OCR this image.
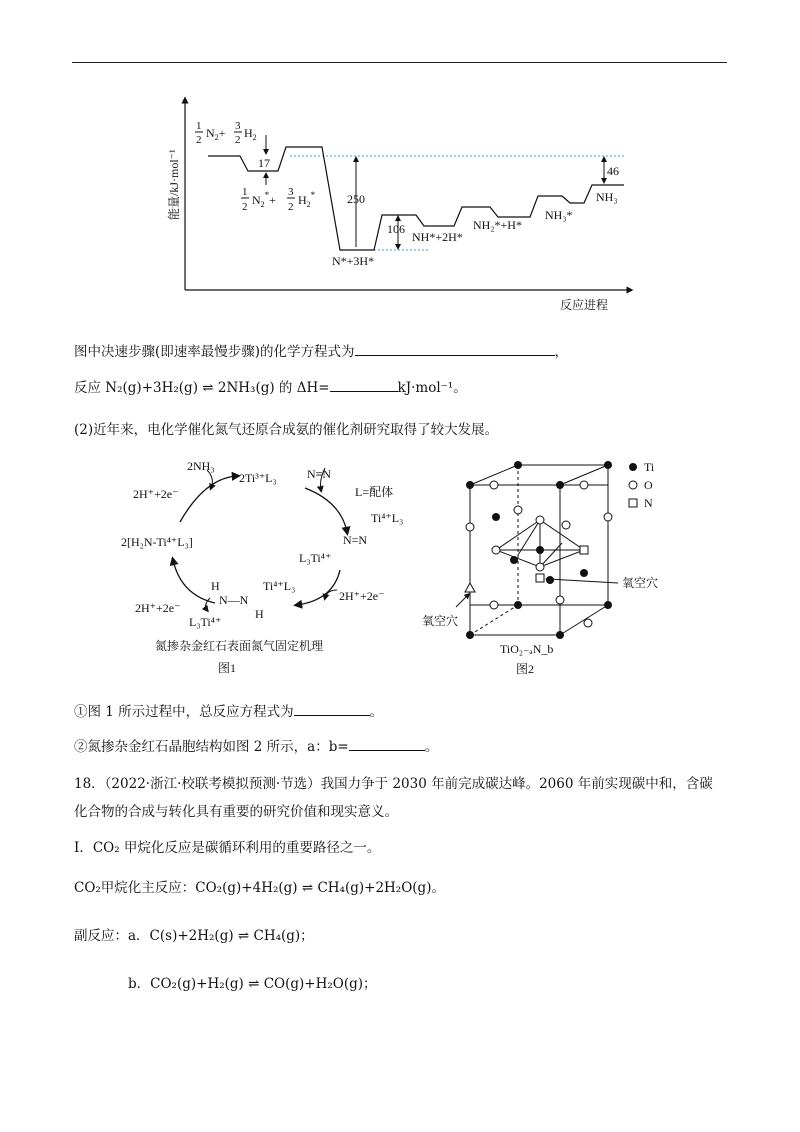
能量/kJ·mol⁻¹
反应进程
1
2 $N_2+ 3$
2 $H_2$
17
1
2 $N_2^*+$
3
2 $H_2^*$	250
N*+3H*
106
NH*+2H*
NH₂*+H*
NH₃*
46
NH₃
图中决速步骤(即速率最慢步骤)的化学方程式为	，
反应 N₂(g)+3H₂(g) ⇌ 2NH₃(g) 的 ΔH=	kJ·mol⁻¹。
(2)近年来，电化学催化氮气还原合成氨的催化剂研究取得了较大发展。
2NH₃
2H⁺+2e⁻
2Ti³⁺L₃	N≡N
L=配体
Ti⁴⁺L₃
N=N
L₃Ti⁴⁺
2[H₂N-Ti⁴⁺L₃]
2H⁺+2e⁻
H
N—N
H
Ti⁴⁺L₃
2H⁺+2e⁻
L₃Ti⁴⁺
氮掺杂金红石表面氮气固定机理
图1
Ti
O
N
氧空穴
氧空穴
TiO₂₋ₐN_b
图2
①图 1 所示过程中，总反应方程式为	。
②氮掺杂金红石晶胞结构如图 2 所示，a：b=	。
18．（2022·浙江·校联考模拟预测·节选）我国力争于 2030 年前完成碳达峰。2060 年前实现碳中和，含碳
化合物的合成与转化具有重要的研究价值和现实意义。
Ⅰ．CO₂ 甲烷化反应是碳循环利用的重要路径之一。
CO₂甲烷化主反应：CO₂(g)+4H₂(g) ⇌ CH₄(g)+2H₂O(g)。
副反应：a．C(s)+2H₂(g) ⇌ CH₄(g)；
b．CO₂(g)+H₂(g) ⇌ CO(g)+H₂O(g)；
